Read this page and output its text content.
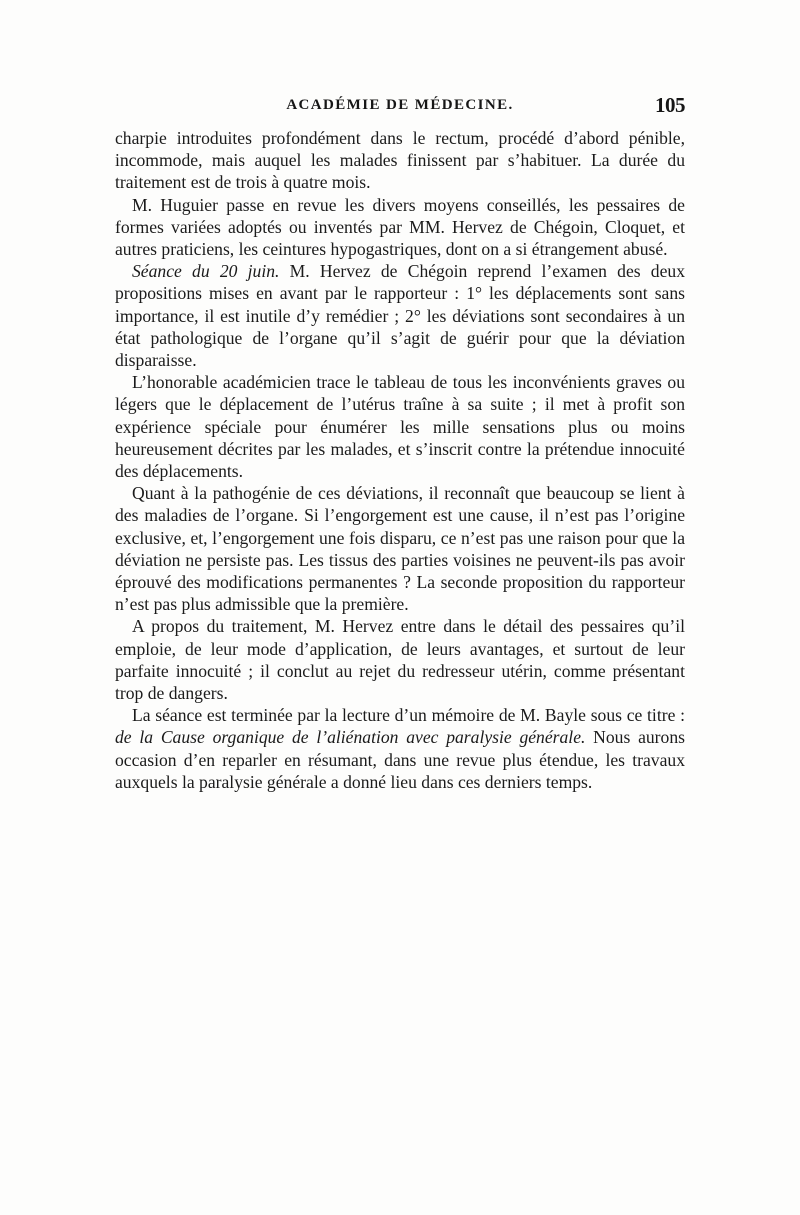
ACADÉMIE DE MÉDECINE.	105

charpie introduites profondément dans le rectum, procédé d’abord pénible, incommode, mais auquel les malades finissent par s’habituer. La durée du traitement est de trois à quatre mois.

M. Huguier passe en revue les divers moyens conseillés, les pessaires de formes variées adoptés ou inventés par MM. Hervez de Chégoin, Cloquet, et autres praticiens, les ceintures hypogastriques, dont on a si étrangement abusé.

Séance du 20 juin. M. Hervez de Chégoin reprend l’examen des deux propositions mises en avant par le rapporteur : 1° les déplacements sont sans importance, il est inutile d’y remédier ; 2° les déviations sont secondaires à un état pathologique de l’organe qu’il s’agit de guérir pour que la déviation disparaisse.

L’honorable académicien trace le tableau de tous les inconvénients graves ou légers que le déplacement de l’utérus traîne à sa suite ; il met à profit son expérience spéciale pour énumérer les mille sensations plus ou moins heureusement décrites par les malades, et s’inscrit contre la prétendue innocuité des déplacements.

Quant à la pathogénie de ces déviations, il reconnaît que beaucoup se lient à des maladies de l’organe. Si l’engorgement est une cause, il n’est pas l’origine exclusive, et, l’engorgement une fois disparu, ce n’est pas une raison pour que la déviation ne persiste pas. Les tissus des parties voisines ne peuvent-ils pas avoir éprouvé des modifications permanentes ? La seconde proposition du rapporteur n’est pas plus admissible que la première.

A propos du traitement, M. Hervez entre dans le détail des pessaires qu’il emploie, de leur mode d’application, de leurs avantages, et surtout de leur parfaite innocuité ; il conclut au rejet du redresseur utérin, comme présentant trop de dangers.

La séance est terminée par la lecture d’un mémoire de M. Bayle sous ce titre : de la Cause organique de l’aliénation avec paralysie générale. Nous aurons occasion d’en reparler en résumant, dans une revue plus étendue, les travaux auxquels la paralysie générale a donné lieu dans ces derniers temps.
